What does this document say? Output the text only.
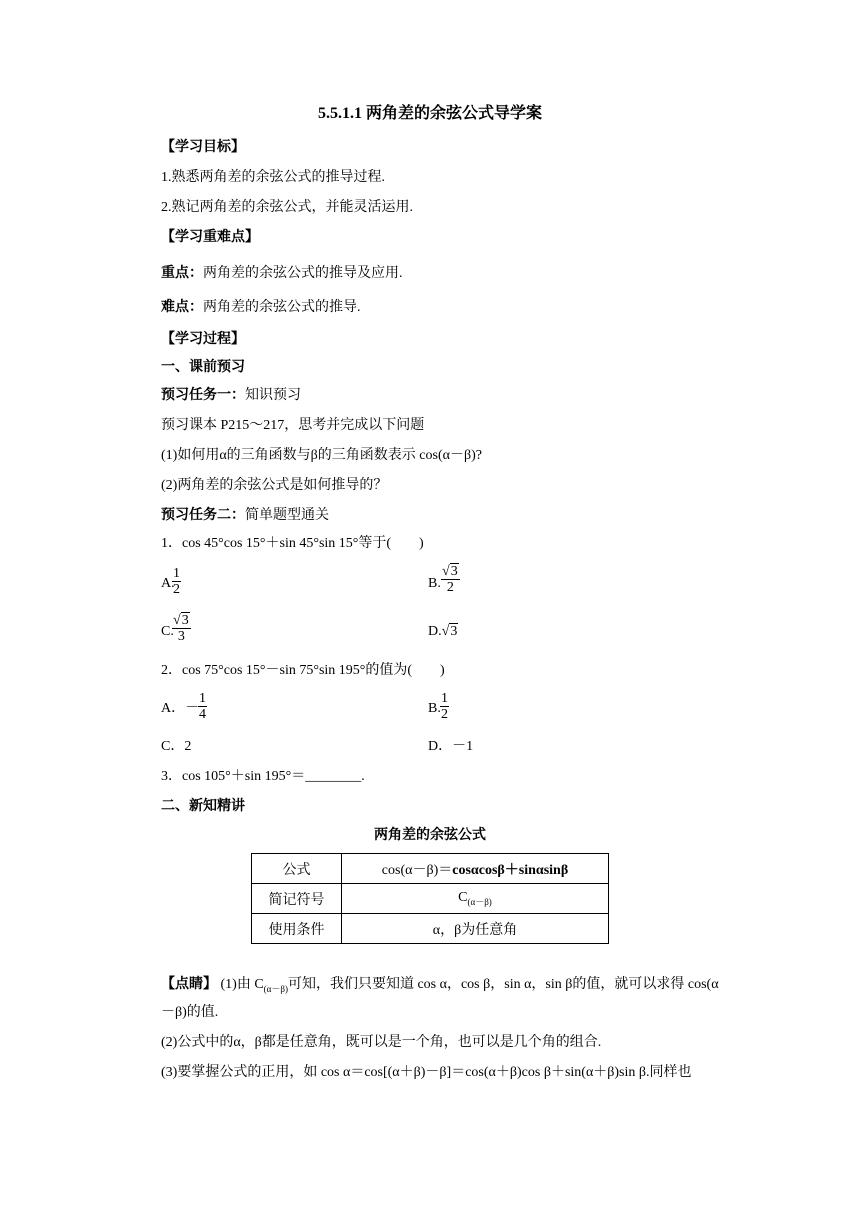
5.5.1.1 两角差的余弦公式导学案
【学习目标】
1.熟悉两角差的余弦公式的推导过程.
2.熟记两角差的余弦公式，并能灵活运用.
【学习重难点】
重点：两角差的余弦公式的推导及应用.
难点：两角差的余弦公式的推导.
【学习过程】
一、课前预习
预习任务一：知识预习
预习课本 P215～217，思考并完成以下问题
(1)如何用α的三角函数与β的三角函数表示 cos(α－β)?
(2)两角差的余弦公式是如何推导的？
预习任务二：简单题型通关
1．cos 45°cos 15°＋sin 45°sin 15°等于(　　)
A.
$\frac{1}{2}$	B. $\frac{√3}{2}$
C.
$\frac{√3}{3}$	D.√3
2．cos 75°cos 15°－sin 75°sin 195°的值为(　　)
A．－
$\frac{1}{4}$	B. $\frac{1}{2}$
C．2	D．－1
3．cos 105°＋sin 195°＝________.
二、新知精讲
两角差的余弦公式
公式	cos(α－β)＝cosαcosβ＋sinαsinβ
简记符号	$C_{(\alpha-\beta)}$
使用条件	α，β为任意角
【点睛】 (1)由 $C_{(\alpha-\beta)}$可知，我们只要知道 cos α，cos β，sin α，sin β的值，就可以求得 cos(α
－β)的值.
(2)公式中的α，β都是任意角，既可以是一个角，也可以是几个角的组合.
(3)要掌握公式的正用，如 cos α＝cos[(α＋β)－β]＝cos(α＋β)cos β＋sin(α＋β)sin β.同样也
